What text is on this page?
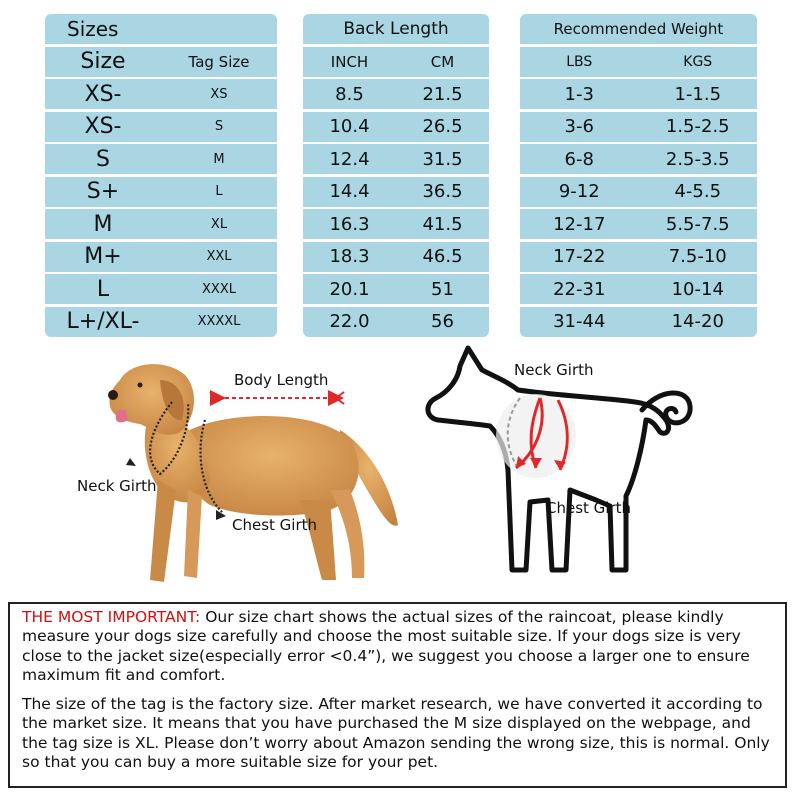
Sizes
Size	Tag Size
XS-	XS
XS-	S
S	M
S+	L
M	XL
M+	XXL
L	XXXL
L+/XL-	XXXXL
Back Length
INCH	CM
8.5	21.5
10.4	26.5
12.4	31.5
14.4	36.5
16.3	41.5
18.3	46.5
20.1	51
22.0	56
Recommended Weight
LBS	KGS
1-3	1-1.5
3-6	1.5-2.5
6-8	2.5-3.5
9-12	4-5.5
12-17	5.5-7.5
17-22	7.5-10
22-31	10-14
31-44	14-20
Body Length
Neck Girth
Chest Girth
Neck Girth
Chest Girth

THE MOST IMPORTANT: Our size chart shows the actual sizes of the raincoat, please kindly measure your dogs size carefully and choose the most suitable size. If your dogs size is very close to the jacket size(especially error <0.4”), we suggest you choose a larger one to ensure maximum fit and comfort.

The size of the tag is the factory size. After market research, we have converted it according to the market size. It means that you have purchased the M size displayed on the webpage, and the tag size is XL. Please don’t worry about Amazon sending the wrong size, this is normal. Only so that you can buy a more suitable size for your pet.
